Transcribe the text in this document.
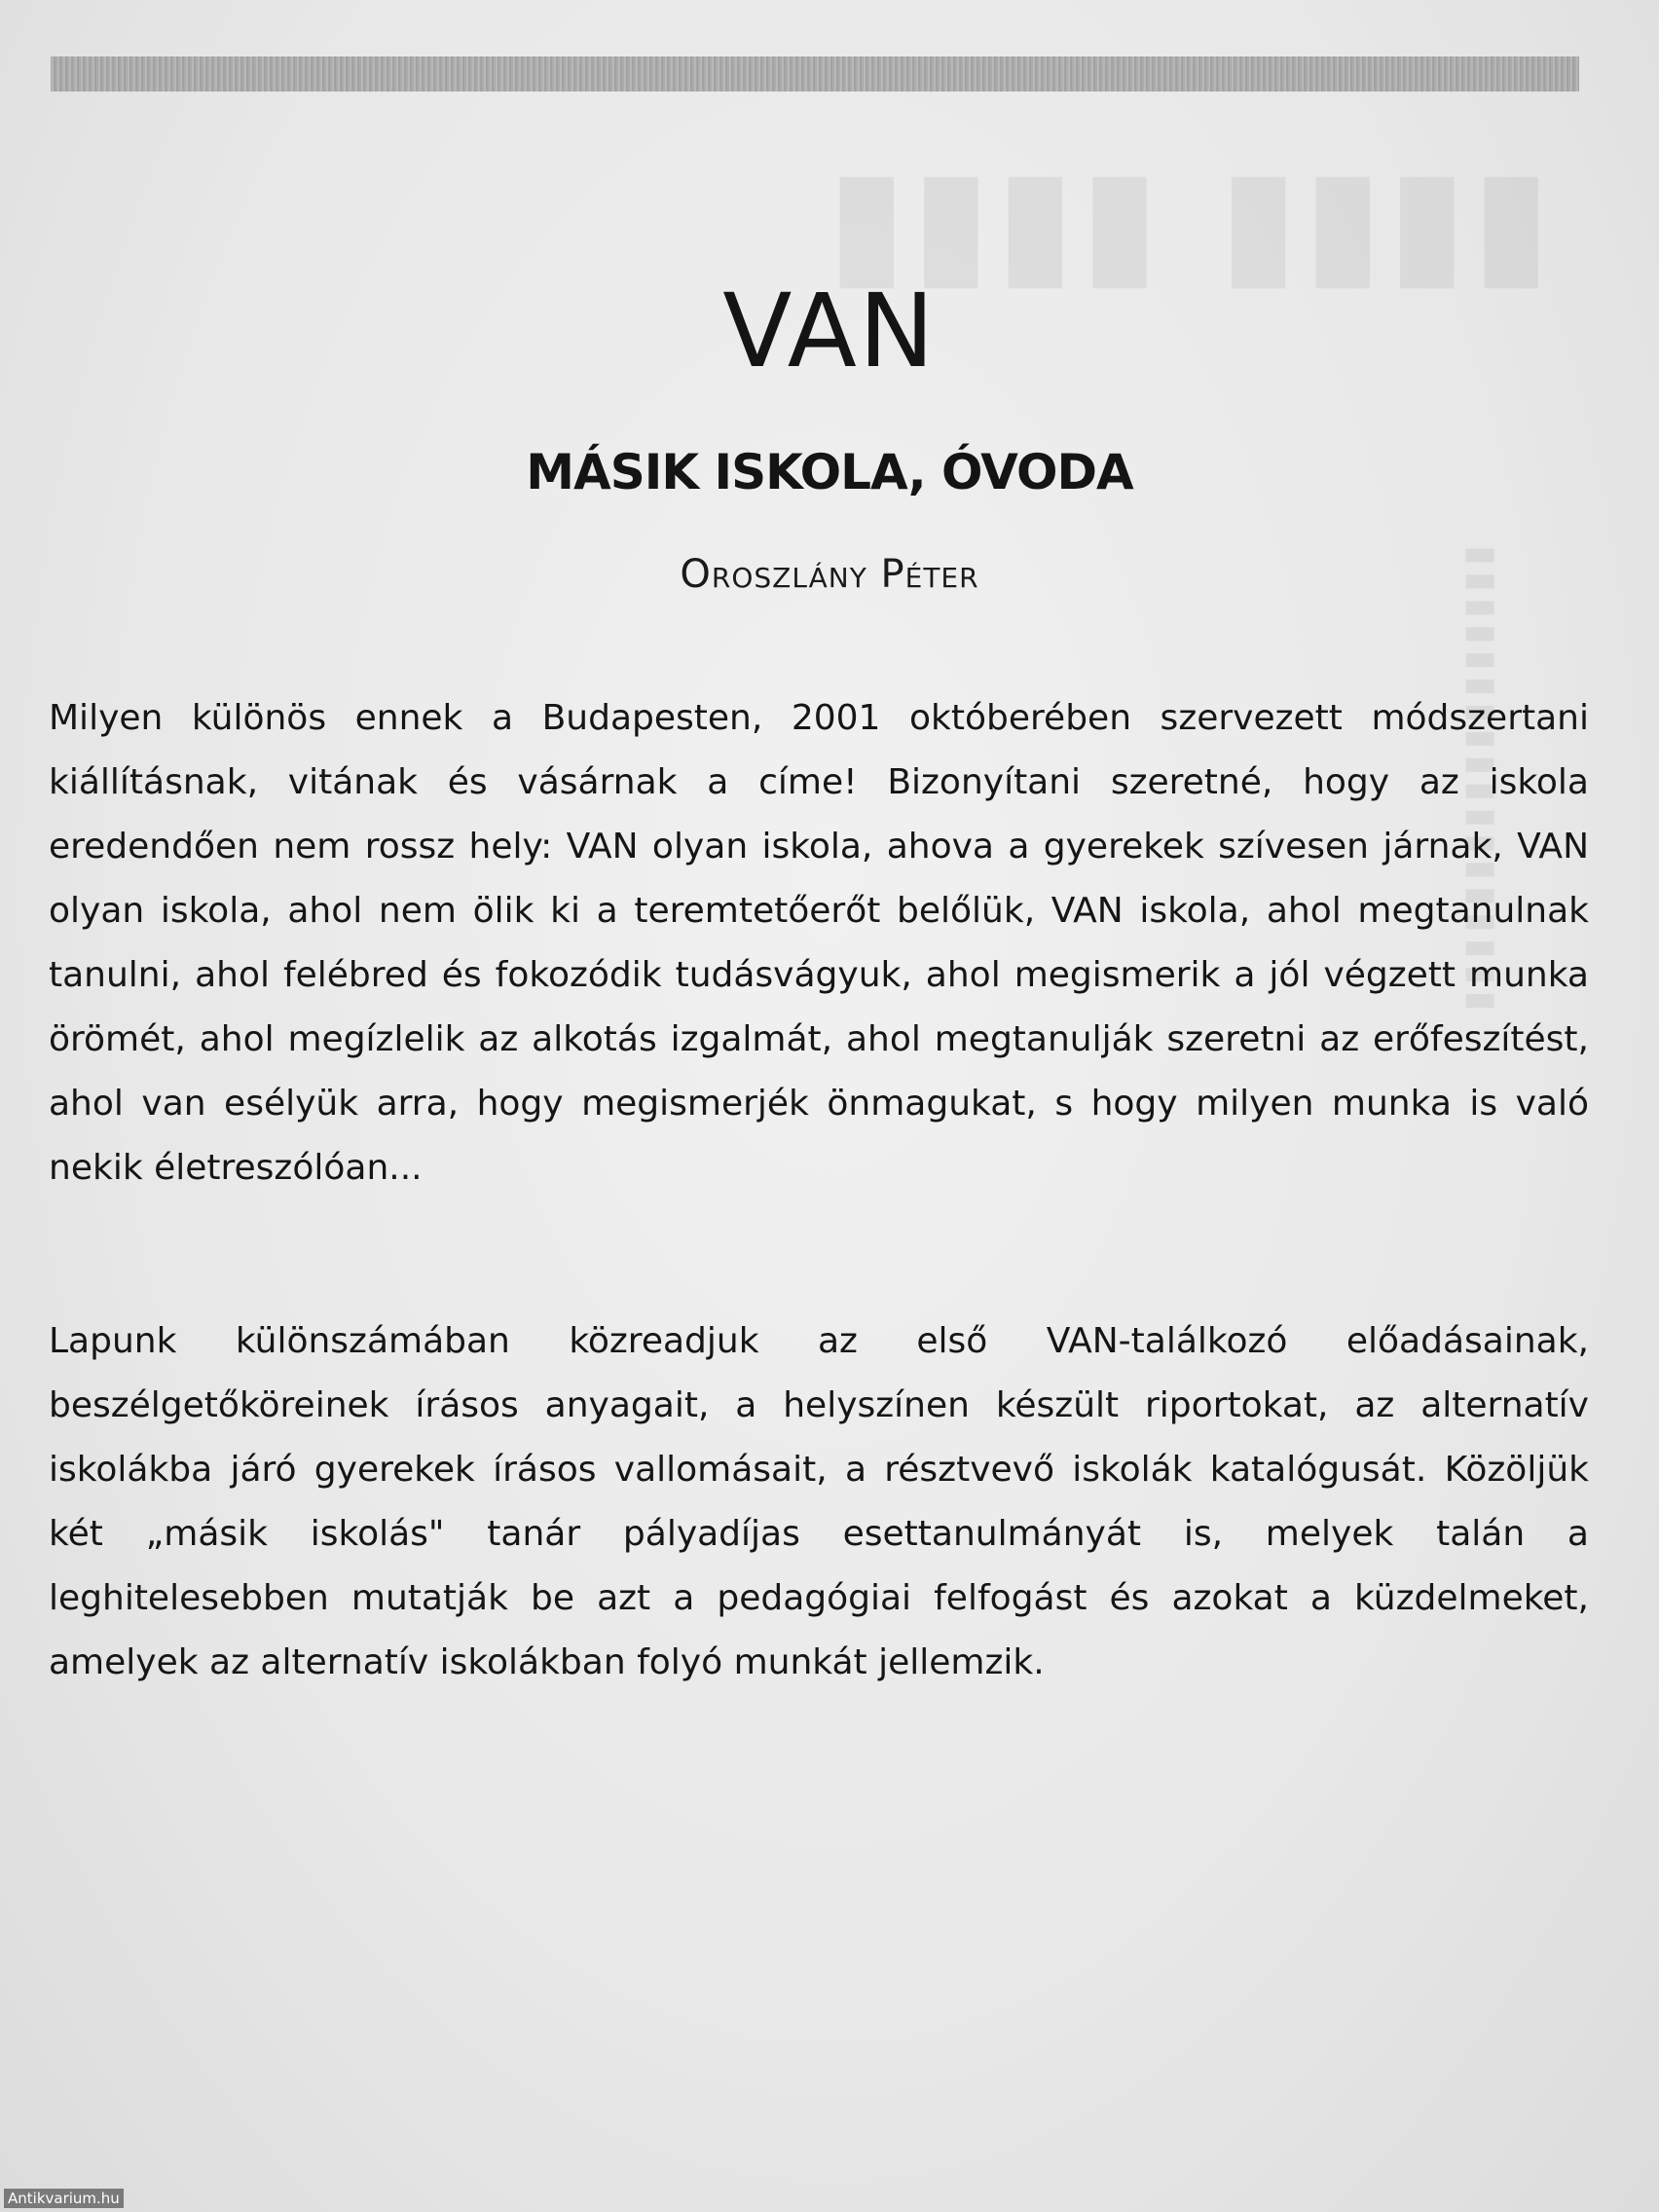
▮▮▮▮ ▮▮▮▮
▮▮▮▮▮▮▮▮▮▮▮▮▮▮▮▮▮▮
VAN
MÁSIK ISKOLA, ÓVODA

Oroszlány Péter

Milyen különös ennek a Budapesten, 2001 októberében szervezett módszertani kiállításnak, vitának és vásárnak a címe! Bizonyítani szeretné, hogy az iskola eredendően nem rossz hely: VAN olyan iskola, ahova a gyerekek szívesen járnak, VAN olyan iskola, ahol nem ölik ki a teremtetőerőt belőlük, VAN iskola, ahol megtanulnak tanulni, ahol felébred és fokozódik tudásvágyuk, ahol megismerik a jól végzett munka örömét, ahol megízlelik az alkotás izgalmát, ahol megtanulják szeretni az erőfeszítést, ahol van esélyük arra, hogy megismerjék önmagukat, s hogy milyen munka is való nekik életreszólóan...

Lapunk különszámában közreadjuk az első VAN-találkozó előadásainak, beszélgetőköreinek írásos anyagait, a helyszínen készült riportokat, az alternatív iskolákba járó gyerekek írásos vallomásait, a résztvevő iskolák katalógusát. Közöljük két „másik iskolás" tanár pályadíjas esettanulmányát is, melyek talán a leghitelesebben mutatják be azt a pedagógiai felfogást és azokat a küzdelmeket, amelyek az alternatív iskolákban folyó munkát jellemzik.

Antikvarium.hu
